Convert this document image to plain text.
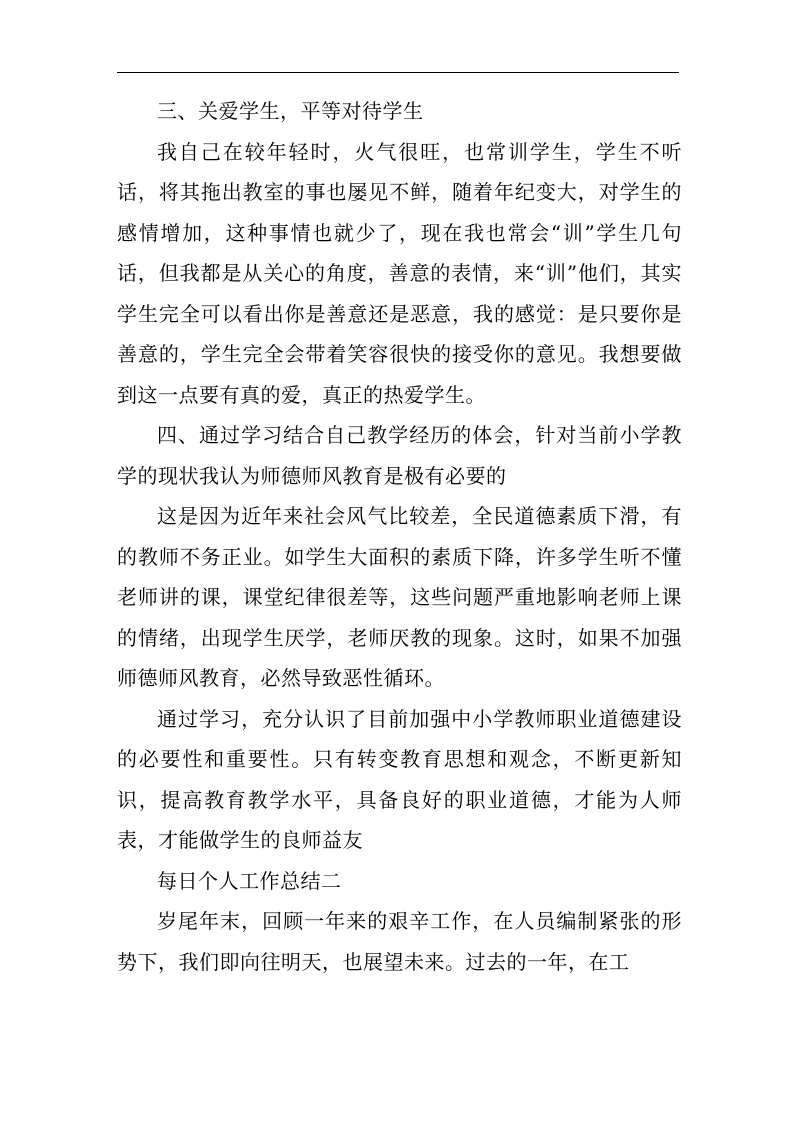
三、关爱学生，平等对待学生

我自己在较年轻时，火气很旺，也常训学生，学生不听话，将其拖出教室的事也屡见不鲜，随着年纪变大，对学生的感情增加，这种事情也就少了，现在我也常会“训”学生几句话，但我都是从关心的角度，善意的表情，来“训”他们，其实学生完全可以看出你是善意还是恶意，我的感觉：是只要你是善意的，学生完全会带着笑容很快的接受你的意见。我想要做到这一点要有真的爱，真正的热爱学生。

四、通过学习结合自己教学经历的体会，针对当前小学教学的现状我认为师德师风教育是极有必要的

这是因为近年来社会风气比较差，全民道德素质下滑，有的教师不务正业。如学生大面积的素质下降，许多学生听不懂老师讲的课，课堂纪律很差等，这些问题严重地影响老师上课的情绪，出现学生厌学，老师厌教的现象。这时，如果不加强师德师风教育，必然导致恶性循环。

通过学习，充分认识了目前加强中小学教师职业道德建设的必要性和重要性。只有转变教育思想和观念，不断更新知识，提高教育教学水平，具备良好的职业道德，才能为人师表，才能做学生的良师益友

每日个人工作总结二

岁尾年末，回顾一年来的艰辛工作，在人员编制紧张的形势下，我们即向往明天，也展望未来。过去的一年，在工
